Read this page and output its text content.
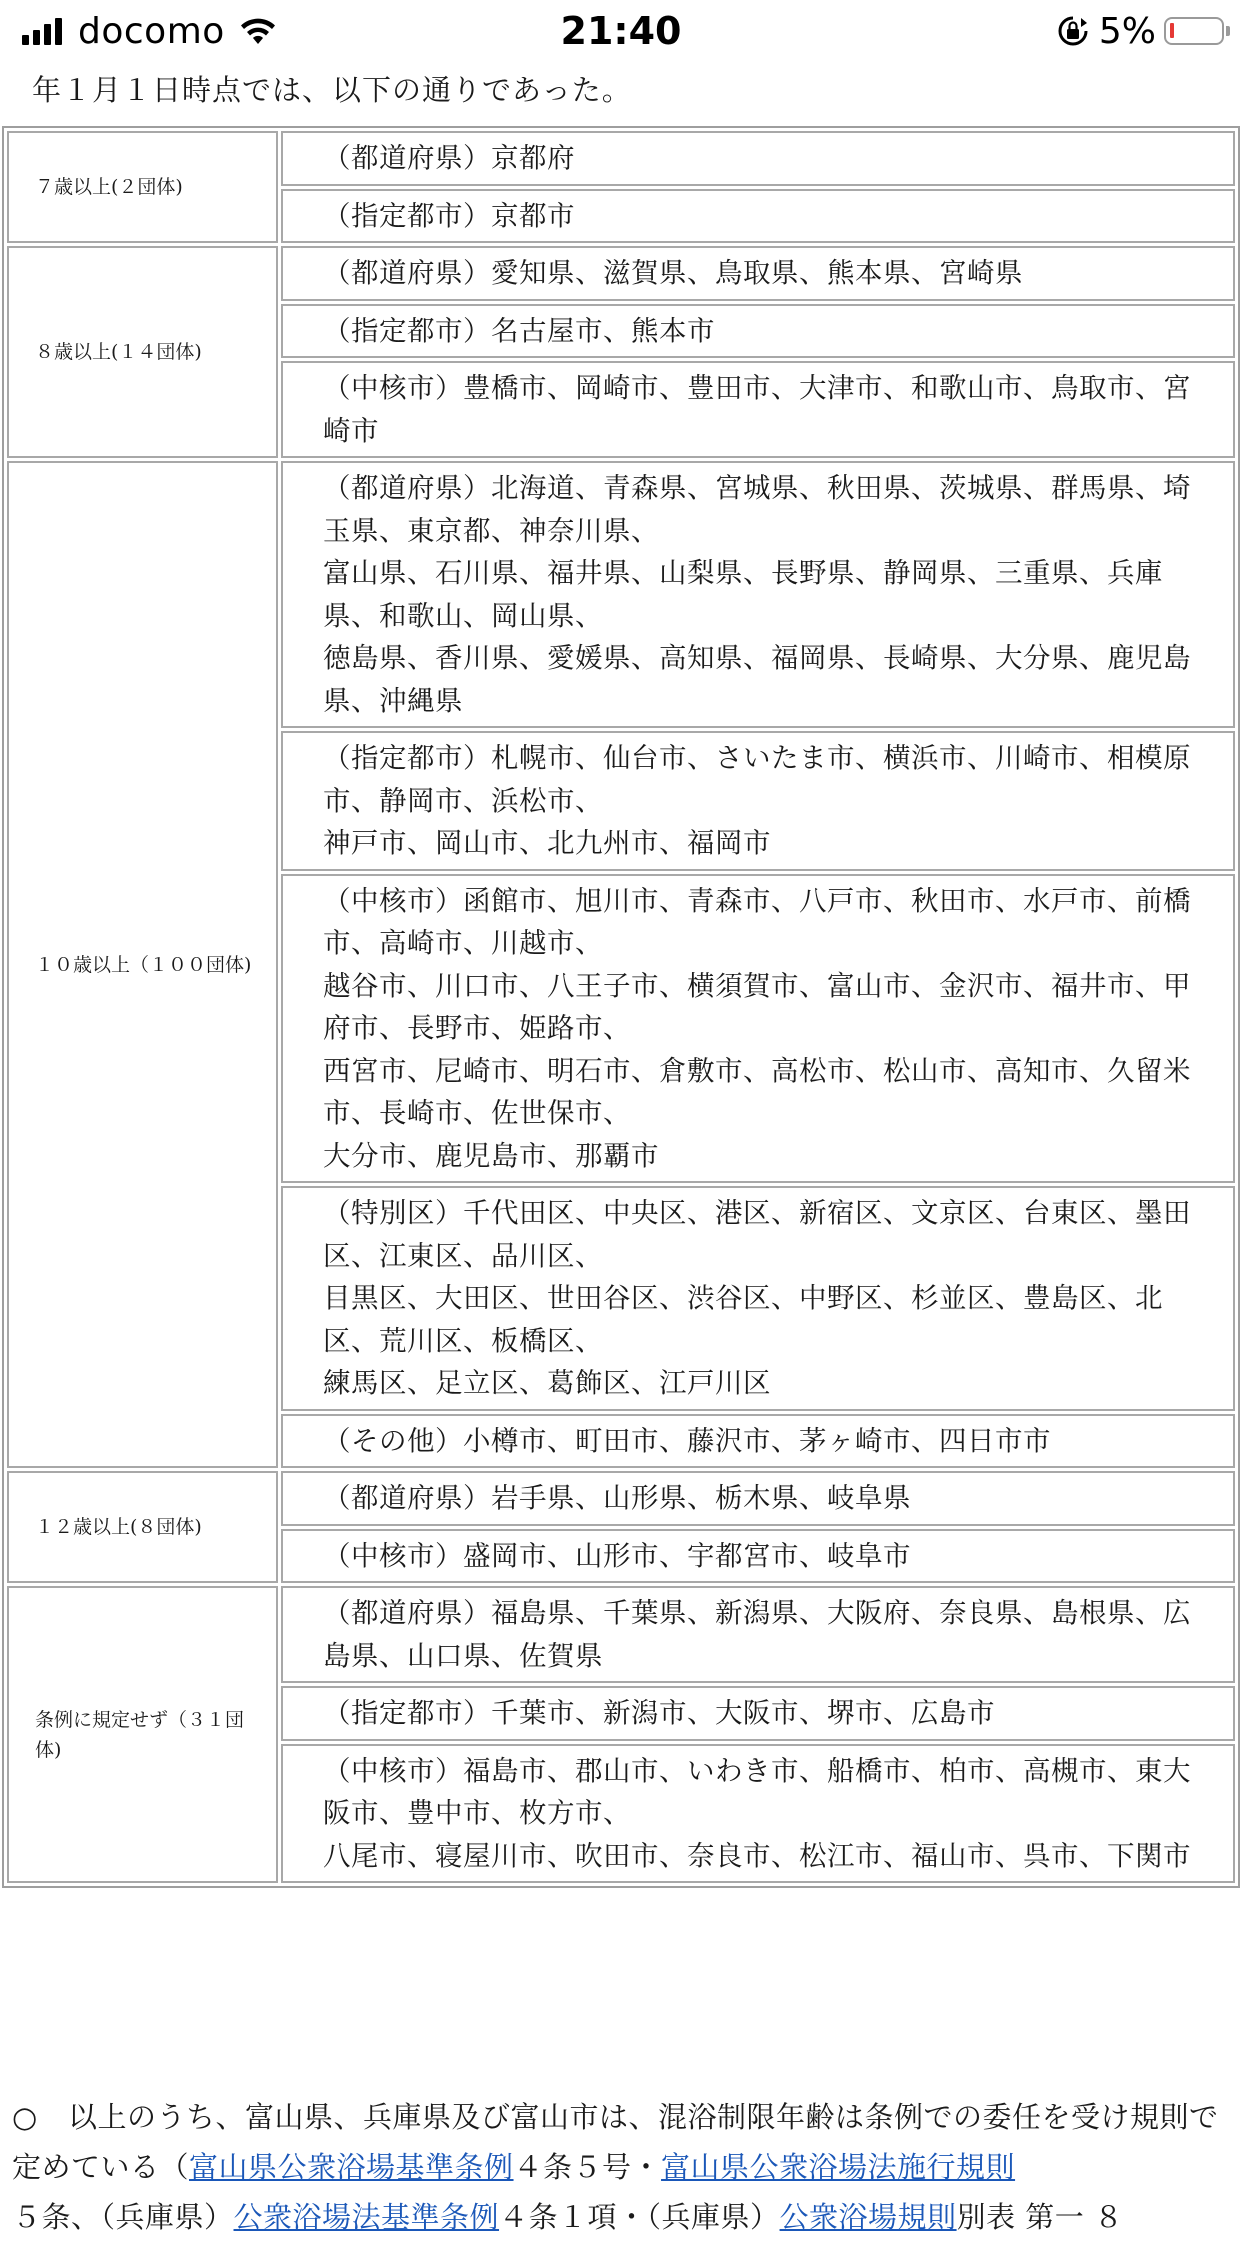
docomo	21:40	5%
年１月１日時点では、以下の通りであった。
７歳以上(２団体)	（都道府県）京都府

	（指定都市）京都市

８歳以上(１４団体)	（都道府県）愛知県、滋賀県、鳥取県、熊本県、宮崎県

	（指定都市）名古屋市、熊本市

	（中核市）豊橋市、岡崎市、豊田市、大津市、和歌山市、鳥取市、宮崎市

１０歳以上（１００団体)	（都道府県）北海道、青森県、宮城県、秋田県、茨城県、群馬県、埼玉県、東京都、神奈川県、
富山県、石川県、福井県、山梨県、長野県、静岡県、三重県、兵庫県、和歌山、岡山県、
徳島県、香川県、愛媛県、高知県、福岡県、長崎県、大分県、鹿児島県、沖縄県

	（指定都市）札幌市、仙台市、さいたま市、横浜市、川崎市、相模原市、静岡市、浜松市、
神戸市、岡山市、北九州市、福岡市

	（中核市）函館市、旭川市、青森市、八戸市、秋田市、水戸市、前橋市、高崎市、川越市、
越谷市、川口市、八王子市、横須賀市、富山市、金沢市、福井市、甲府市、長野市、姫路市、
西宮市、尼崎市、明石市、倉敷市、高松市、松山市、高知市、久留米市、長崎市、佐世保市、
大分市、鹿児島市、那覇市

	（特別区）千代田区、中央区、港区、新宿区、文京区、台東区、墨田区、江東区、品川区、
目黒区、大田区、世田谷区、渋谷区、中野区、杉並区、豊島区、北区、荒川区、板橋区、
練馬区、足立区、葛飾区、江戸川区

	（その他）小樽市、町田市、藤沢市、茅ヶ崎市、四日市市

１２歳以上(８団体)	（都道府県）岩手県、山形県、栃木県、岐阜県

	（中核市）盛岡市、山形市、宇都宮市、岐阜市

条例に規定せず（３１団体)	（都道府県）福島県、千葉県、新潟県、大阪府、奈良県、島根県、広島県、山口県、佐賀県

	（指定都市）千葉市、新潟市、大阪市、堺市、広島市

	（中核市）福島市、郡山市、いわき市、船橋市、柏市、高槻市、東大阪市、豊中市、枚方市、
八尾市、寝屋川市、吹田市、奈良市、松江市、福山市、呉市、下関市
○ 以上のうち、富山県、兵庫県及び富山市は、混浴制限年齢は条例での委任を受け規則で定めている（富山県公衆浴場基準条例４条５号・富山県公衆浴場法施行規則５条、（兵庫県）公衆浴場法基準条例４条１項・（兵庫県）公衆浴場規則別表 第一 ８
